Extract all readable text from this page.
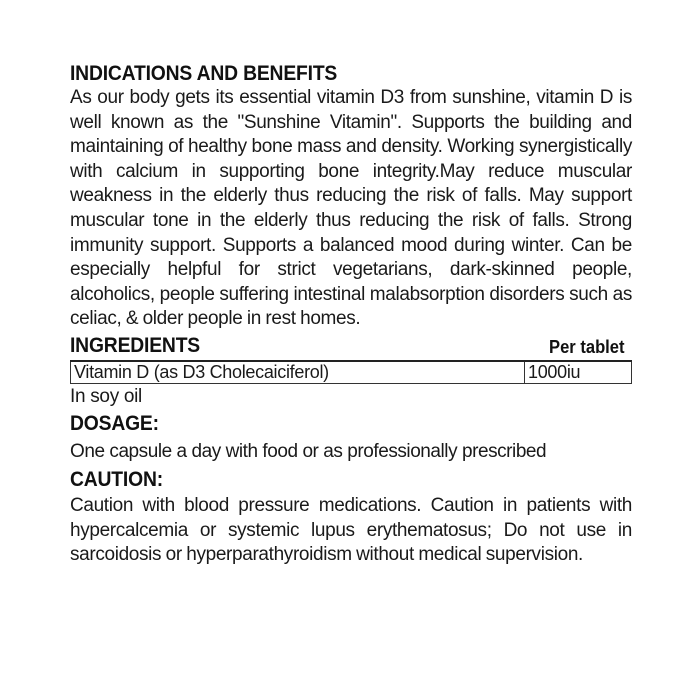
INDICATIONS AND BENEFITS

As our body gets its essential vitamin D3 from sunshine, vitamin D is well known as the "Sunshine Vitamin". Supports the building and maintaining of healthy bone mass and density. Working synergistically with calcium in supporting bone integrity.May reduce muscular weakness in the elderly thus reducing the risk of falls. May support muscular tone in the elderly thus reducing the risk of falls. Strong immunity support. Supports a balanced mood during winter. Can be especially helpful for strict vegetarians, dark-skinned people, alcoholics, people suffering intestinal malabsorption disorders such as celiac, & older people in rest homes.

INGREDIENTS	Per tablet
Vitamin D (as D3 Cholecaiciferol)	1000iu

In soy oil

DOSAGE:

One capsule a day with food or as professionally prescribed

CAUTION:

Caution with blood pressure medications. Caution in patients with hypercalcemia or systemic lupus erythematosus; Do not use in sarcoidosis or hyperparathyroidism without medical supervision.
